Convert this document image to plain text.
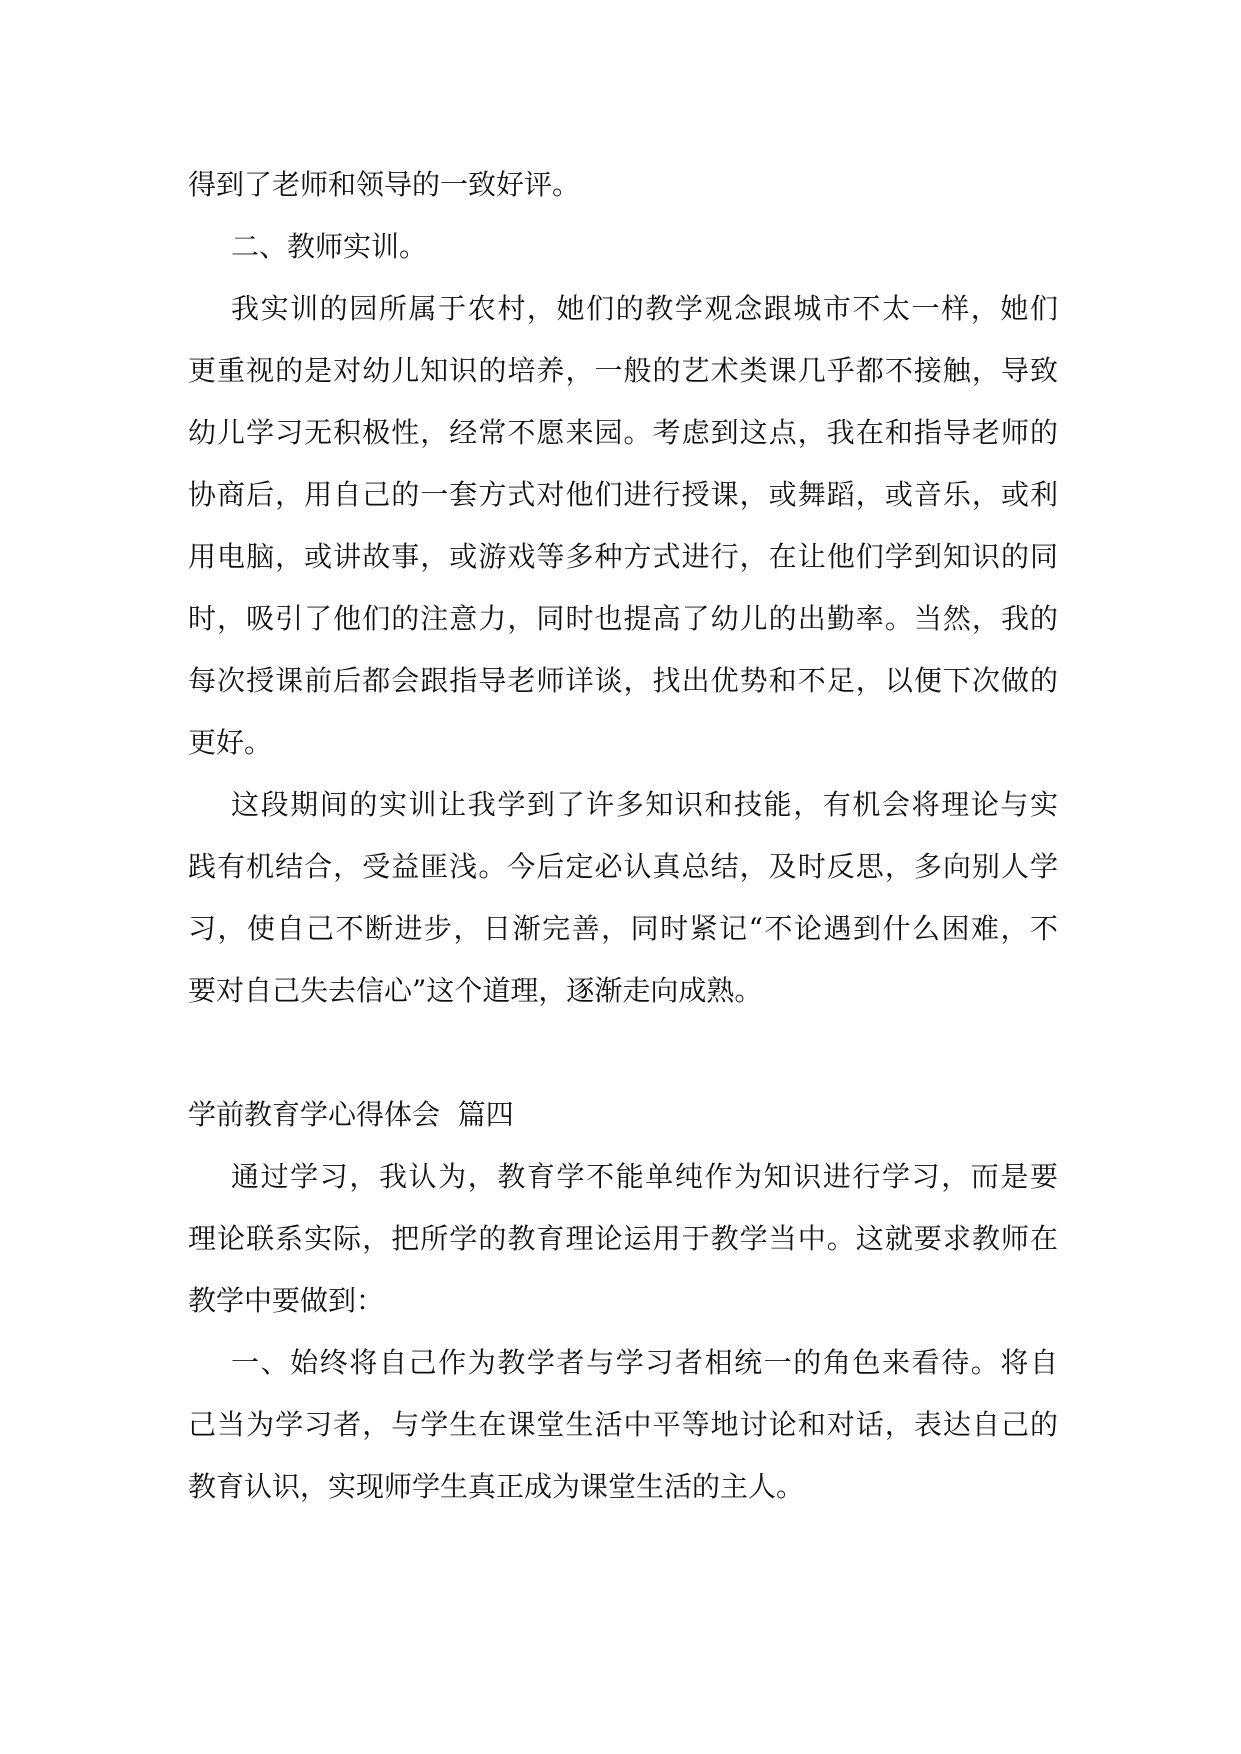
得到了老师和领导的一致好评。

二、教师实训。

我实训的园所属于农村，她们的教学观念跟城市不太一样，她们

更重视的是对幼儿知识的培养，一般的艺术类课几乎都不接触，导致

幼儿学习无积极性，经常不愿来园。考虑到这点，我在和指导老师的

协商后，用自己的一套方式对他们进行授课，或舞蹈，或音乐，或利

用电脑，或讲故事，或游戏等多种方式进行，在让他们学到知识的同

时，吸引了他们的注意力，同时也提高了幼儿的出勤率。当然，我的

每次授课前后都会跟指导老师详谈，找出优势和不足，以便下次做的

更好。

这段期间的实训让我学到了许多知识和技能，有机会将理论与实

践有机结合，受益匪浅。今后定必认真总结，及时反思，多向别人学

习，使自己不断进步，日渐完善，同时紧记“不论遇到什么困难，不

要对自己失去信心”这个道理，逐渐走向成熟。

学前教育学心得体会  篇四

通过学习，我认为，教育学不能单纯作为知识进行学习，而是要

理论联系实际，把所学的教育理论运用于教学当中。这就要求教师在

教学中要做到：

一、始终将自己作为教学者与学习者相统一的角色来看待。将自

己当为学习者，与学生在课堂生活中平等地讨论和对话，表达自己的

教育认识，实现师学生真正成为课堂生活的主人。
